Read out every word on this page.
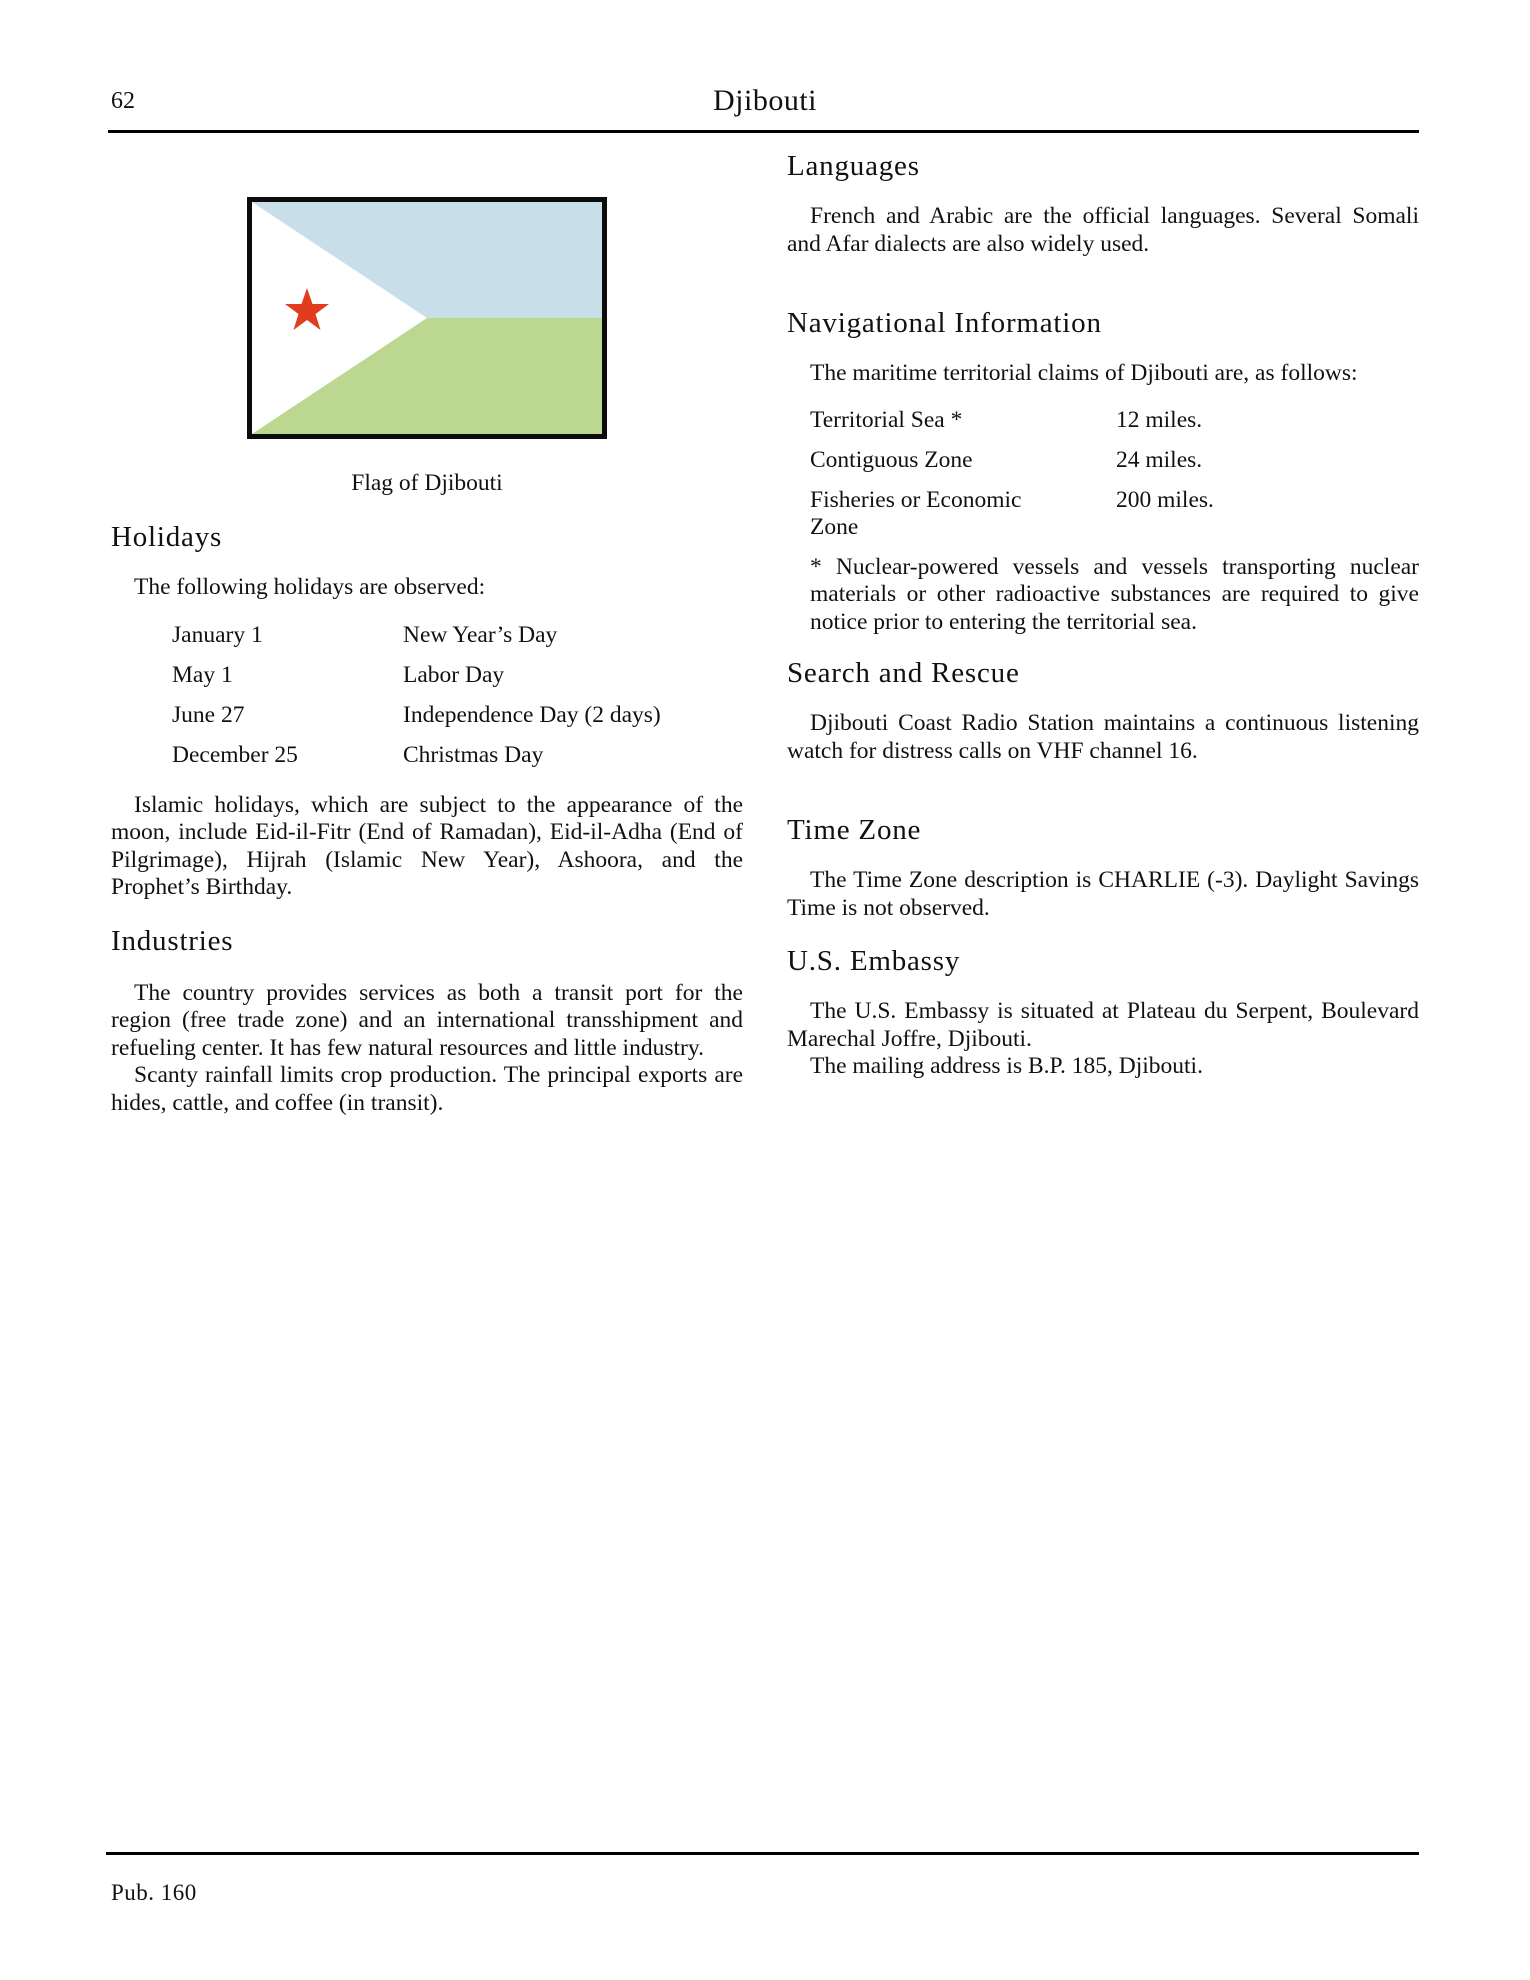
62	Djibouti
Flag of Djibouti
Holidays

The following holidays are observed:

January 1	New Year’s Day
May 1	Labor Day
June 27	Independence Day (2 days)
December 25	Christmas Day

Islamic holidays, which are subject to the appearance of the moon, include Eid-il-Fitr (End of Ramadan), Eid-il-Adha (End of Pilgrimage), Hijrah (Islamic New Year), Ashoora, and the Prophet’s Birthday.

Industries

The country provides services as both a transit port for the region (free trade zone) and an international transshipment and refueling center. It has few natural resources and little industry.

Scanty rainfall limits crop production. The principal exports are hides, cattle, and coffee (in transit).

Languages

French and Arabic are the official languages. Several Somali and Afar dialects are also widely used.

Navigational Information

The maritime territorial claims of Djibouti are, as follows:

Territorial Sea *	12 miles.
Contiguous Zone	24 miles.
Fisheries or Economic Zone	200 miles.

* Nuclear-powered vessels and vessels transporting nuclear materials or other radioactive substances are required to give notice prior to entering the territorial sea.

Search and Rescue

Djibouti Coast Radio Station maintains a continuous listening watch for distress calls on VHF channel 16.

Time Zone

The Time Zone description is CHARLIE (-3). Daylight Savings Time is not observed.

U.S. Embassy

The U.S. Embassy is situated at Plateau du Serpent, Boulevard Marechal Joffre, Djibouti.

The mailing address is B.P. 185, Djibouti.

Pub. 160
